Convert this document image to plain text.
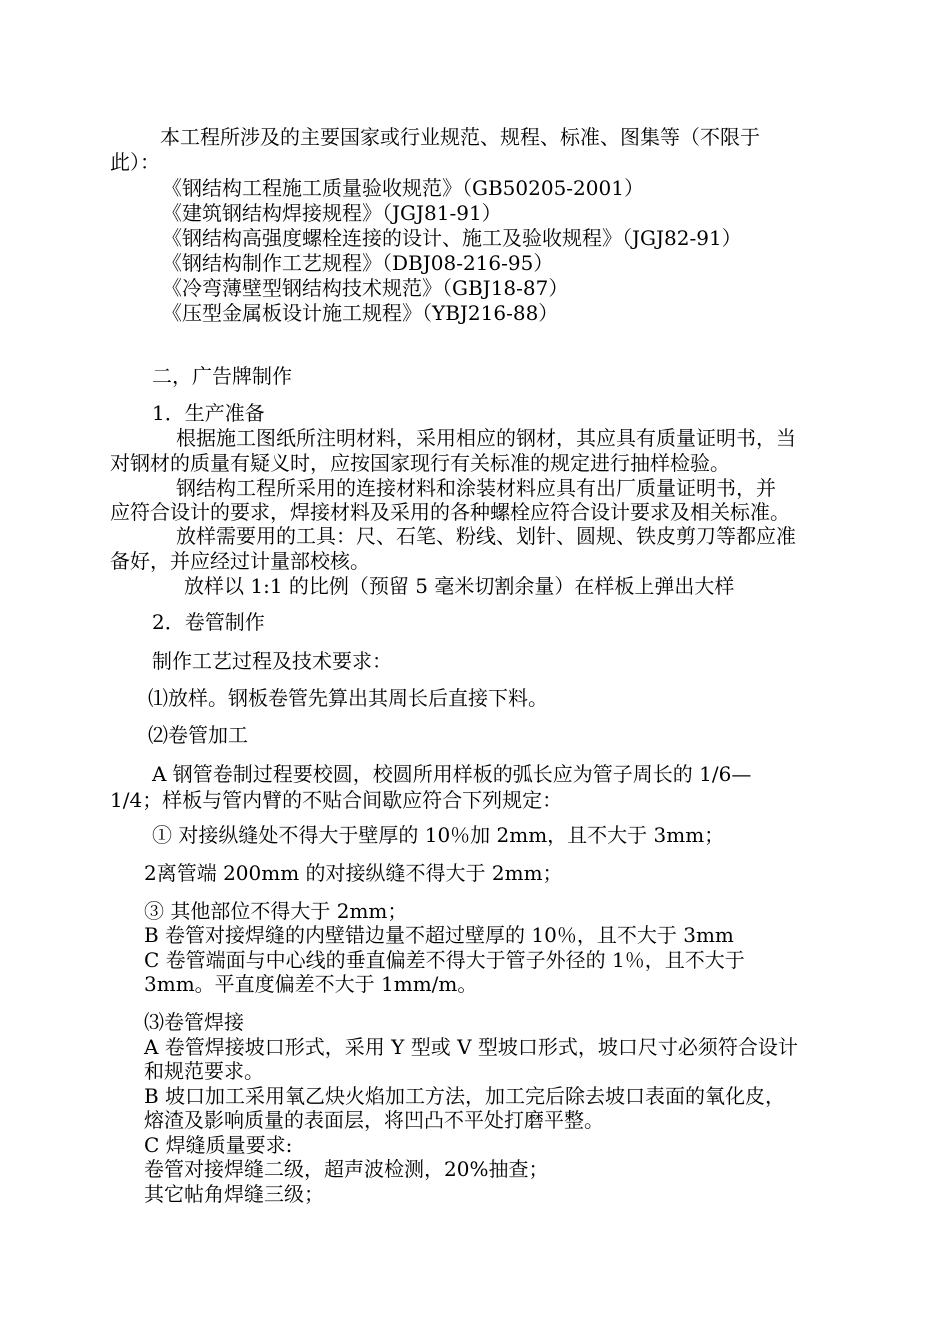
本工程所涉及的主要国家或行业规范、规程、标准、图集等（不限于
此）：
《钢结构工程施工质量验收规范》（GB50205-2001）
《建筑钢结构焊接规程》（JGJ81-91）
《钢结构高强度螺栓连接的设计、施工及验收规程》（JGJ82-91）
《钢结构制作工艺规程》（DBJ08-216-95）
《冷弯薄壁型钢结构技术规范》（GBJ18-87）
《压型金属板设计施工规程》（YBJ216-88）
二，广告牌制作
1．生产准备
根据施工图纸所注明材料，采用相应的钢材，其应具有质量证明书，当
对钢材的质量有疑义时，应按国家现行有关标准的规定进行抽样检验。
钢结构工程所采用的连接材料和涂装材料应具有出厂质量证明书，并
应符合设计的要求，焊接材料及采用的各种螺栓应符合设计要求及相关标准。
放样需要用的工具：尺、石笔、粉线、划针、圆规、铁皮剪刀等都应准
备好，并应经过计量部校核。
放样以 1:1 的比例（预留 5 毫米切割余量）在样板上弹出大样
2．卷管制作
制作工艺过程及技术要求：
⑴放样。钢板卷管先算出其周长后直接下料。
⑵卷管加工
A 钢管卷制过程要校圆，校圆所用样板的弧长应为管子周长的 1/6—
1/4；样板与管内臂的不贴合间歇应符合下列规定：
① 对接纵缝处不得大于壁厚的 10％加 2mm，且不大于 3mm；
2离管端 200mm 的对接纵缝不得大于 2mm；
③ 其他部位不得大于 2mm；
B 卷管对接焊缝的内壁错边量不超过壁厚的 10％，且不大于 3mm
C 卷管端面与中心线的垂直偏差不得大于管子外径的 1％，且不大于
3mm。平直度偏差不大于 1mm/m。
⑶卷管焊接
A 卷管焊接坡口形式，采用 Y 型或 V 型坡口形式，坡口尺寸必须符合设计
和规范要求。
B 坡口加工采用氧乙炔火焰加工方法，加工完后除去坡口表面的氧化皮，
熔渣及影响质量的表面层，将凹凸不平处打磨平整。
C 焊缝质量要求:
卷管对接焊缝二级，超声波检测，20%抽查；
其它帖角焊缝三级；
